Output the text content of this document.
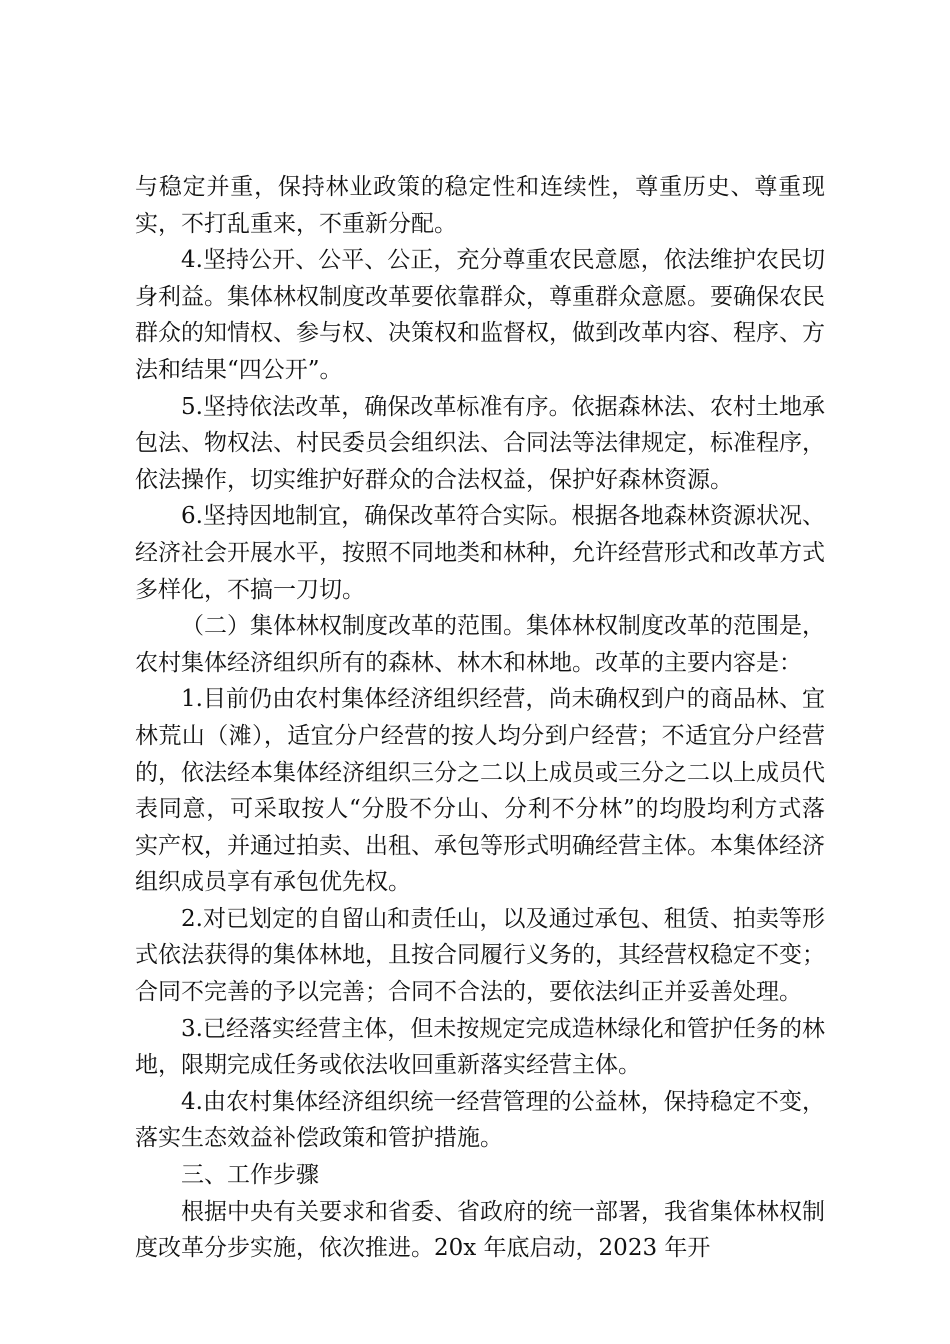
与稳定并重，保持林业政策的稳定性和连续性，尊重历史、尊重现实，不打乱重来，不重新分配。

4.坚持公开、公平、公正，充分尊重农民意愿，依法维护农民切身利益。集体林权制度改革要依靠群众，尊重群众意愿。要确保农民群众的知情权、参与权、决策权和监督权，做到改革内容、程序、方法和结果“四公开”。

5.坚持依法改革，确保改革标准有序。依据森林法、农村土地承包法、物权法、村民委员会组织法、合同法等法律规定，标准程序，依法操作，切实维护好群众的合法权益，保护好森林资源。

6.坚持因地制宜，确保改革符合实际。根据各地森林资源状况、经济社会开展水平，按照不同地类和林种，允许经营形式和改革方式多样化，不搞一刀切。

（二）集体林权制度改革的范围。集体林权制度改革的范围是，农村集体经济组织所有的森林、林木和林地。改革的主要内容是：

1.目前仍由农村集体经济组织经营，尚未确权到户的商品林、宜林荒山（滩），适宜分户经营的按人均分到户经营；不适宜分户经营的，依法经本集体经济组织三分之二以上成员或三分之二以上成员代表同意，可采取按人“分股不分山、分利不分林”的均股均利方式落实产权，并通过拍卖、出租、承包等形式明确经营主体。本集体经济组织成员享有承包优先权。

2.对已划定的自留山和责任山，以及通过承包、租赁、拍卖等形式依法获得的集体林地，且按合同履行义务的，其经营权稳定不变；合同不完善的予以完善；合同不合法的，要依法纠正并妥善处理。

3.已经落实经营主体，但未按规定完成造林绿化和管护任务的林地，限期完成任务或依法收回重新落实经营主体。

4.由农村集体经济组织统一经营管理的公益林，保持稳定不变，落实生态效益补偿政策和管护措施。

三、工作步骤

根据中央有关要求和省委、省政府的统一部署，我省集体林权制度改革分步实施，依次推进。20x 年底启动，2023 年开
